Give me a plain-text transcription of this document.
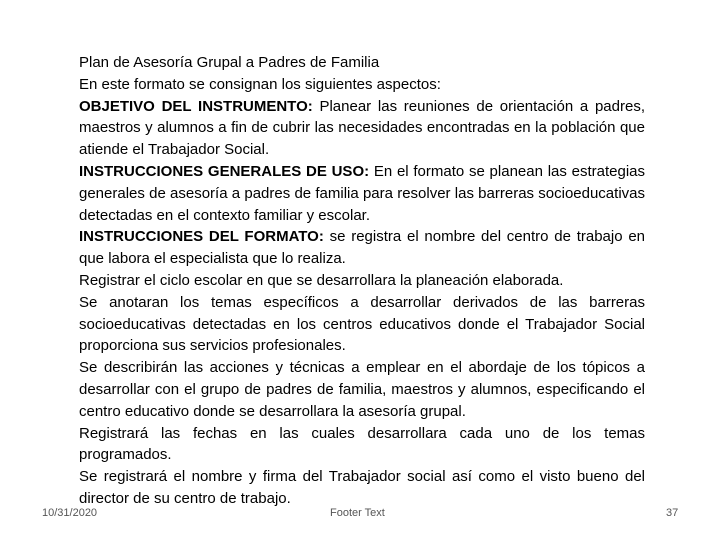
Plan de Asesoría Grupal a Padres de Familia

En este formato se consignan los siguientes aspectos:

OBJETIVO DEL INSTRUMENTO: Planear las reuniones de orientación a padres, maestros y alumnos a fin de cubrir las necesidades encontradas en la población que atiende el Trabajador Social.

INSTRUCCIONES GENERALES DE USO: En el formato se planean las estrategias generales de asesoría a padres de familia para resolver las barreras socioeducativas detectadas en el contexto familiar y escolar.

INSTRUCCIONES DEL FORMATO: se registra el nombre del centro de trabajo en que labora el especialista que lo realiza.

Registrar el ciclo escolar en que se desarrollara la planeación elaborada.

Se anotaran los temas específicos a desarrollar derivados de las barreras socioeducativas detectadas en los centros educativos donde el Trabajador Social proporciona sus servicios profesionales.

Se describirán las acciones y técnicas a emplear en el abordaje de los tópicos a desarrollar con el grupo de padres de familia, maestros y alumnos, especificando el centro educativo donde se desarrollara la asesoría grupal.

Registrará las fechas en las cuales desarrollara cada uno de los temas programados.

Se registrará el nombre y firma del Trabajador social así como el visto bueno del director de su centro de trabajo.

10/31/2020	Footer Text	37
